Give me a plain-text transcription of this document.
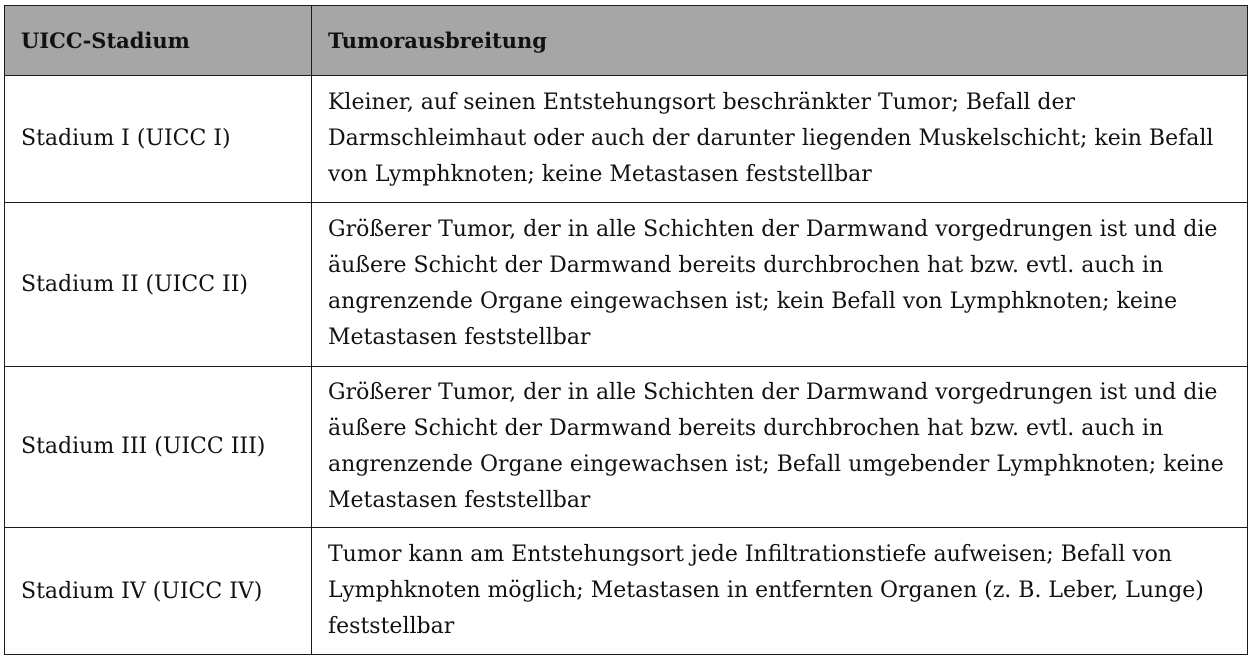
UICC-Stadium	Tumorausbreitung
Stadium I (UICC I)	Kleiner, auf seinen Entstehungsort beschränkter Tumor; Befall der Darmschleimhaut oder auch der darunter liegenden Muskelschicht; kein Befall von Lymphknoten; keine Metastasen feststellbar
Stadium II (UICC II)	Größerer Tumor, der in alle Schichten der Darmwand vorgedrungen ist und die äußere Schicht der Darmwand bereits durchbrochen hat bzw. evtl. auch in angrenzende Organe eingewachsen ist; kein Befall von Lymphknoten; keine Metastasen feststellbar
Stadium III (UICC III)	Größerer Tumor, der in alle Schichten der Darmwand vorgedrungen ist und die äußere Schicht der Darmwand bereits durchbrochen hat bzw. evtl. auch in angrenzende Organe eingewachsen ist; Befall umgebender Lymphknoten; keine Metastasen feststellbar
Stadium IV (UICC IV)	Tumor kann am Entstehungsort jede Infiltrationstiefe aufweisen; Befall von Lymphknoten möglich; Metastasen in entfernten Organen (z. B. Leber, Lunge) feststellbar
